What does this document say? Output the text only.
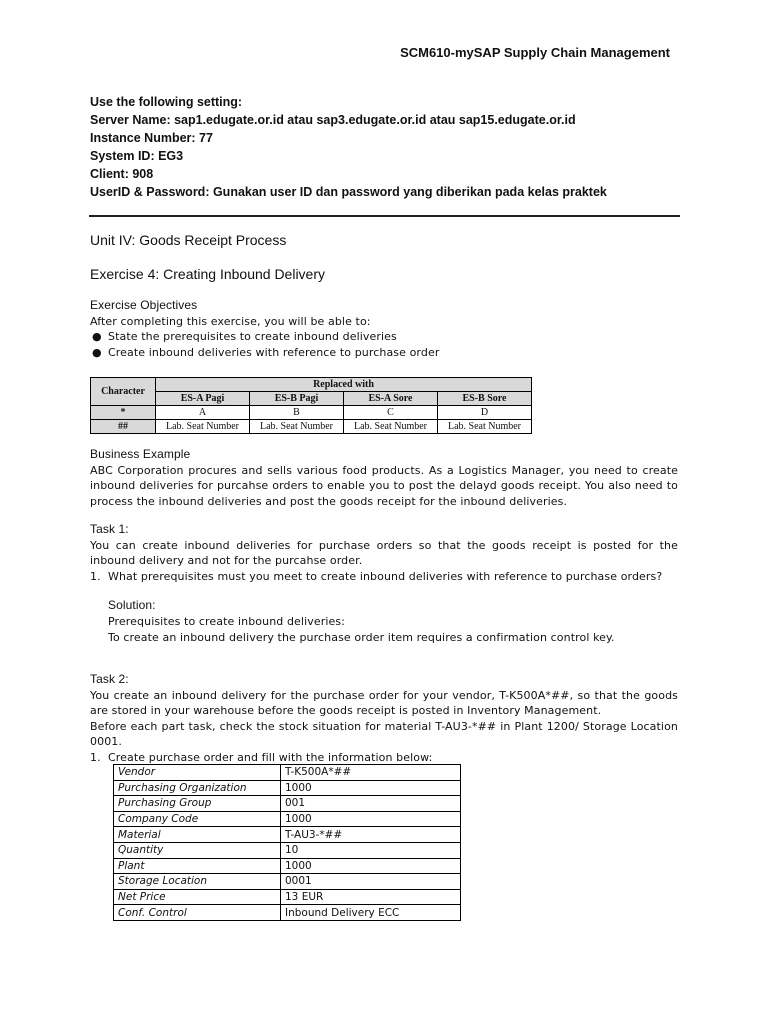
SCM610-mySAP Supply Chain Management
Use the following setting:
Server Name: sap1.edugate.or.id atau sap3.edugate.or.id atau sap15.edugate.or.id
Instance Number: 77
System ID: EG3
Client: 908
UserID & Password: Gunakan user ID dan password yang diberikan pada kelas praktek
Unit IV: Goods Receipt Process
Exercise 4: Creating Inbound Delivery
Exercise Objectives
After completing this exercise, you will be able to:
● State the prerequisites to create inbound deliveries
● Create inbound deliveries with reference to purchase order
Character	Replaced with			
	ES-A Pagi	ES-B Pagi	ES-A Sore	ES-B Sore
*	A	B	C	D
##	Lab. Seat Number	Lab. Seat Number	Lab. Seat Number	Lab. Seat Number
Business Example
ABC Corporation procures and sells various food products. As a Logistics Manager, you need to create inbound deliveries for purcahse orders to enable you to post the delayd goods receipt. You also need to process the inbound deliveries and post the goods receipt for the inbound deliveries.
Task 1:
You can create inbound deliveries for purchase orders so that the goods receipt is posted for the inbound delivery and not for the purcahse order.
1. What prerequisites must you meet to create inbound deliveries with reference to purchase orders?
Solution:
Prerequisites to create inbound deliveries:
To create an inbound delivery the purchase order item requires a confirmation control key.
Task 2:
You create an inbound delivery for the purchase order for your vendor, T-K500A*##, so that the goods are stored in your warehouse before the goods receipt is posted in Inventory Management.
Before each part task, check the stock situation for material T-AU3-*## in Plant 1200/ Storage Location 0001.
1. Create purchase order and fill with the information below:
Vendor	T-K500A*##
Purchasing Organization	1000
Purchasing Group	001
Company Code	1000
Material	T-AU3-*##
Quantity	10
Plant	1000
Storage Location	0001
Net Price	13 EUR
Conf. Control	Inbound Delivery ECC
